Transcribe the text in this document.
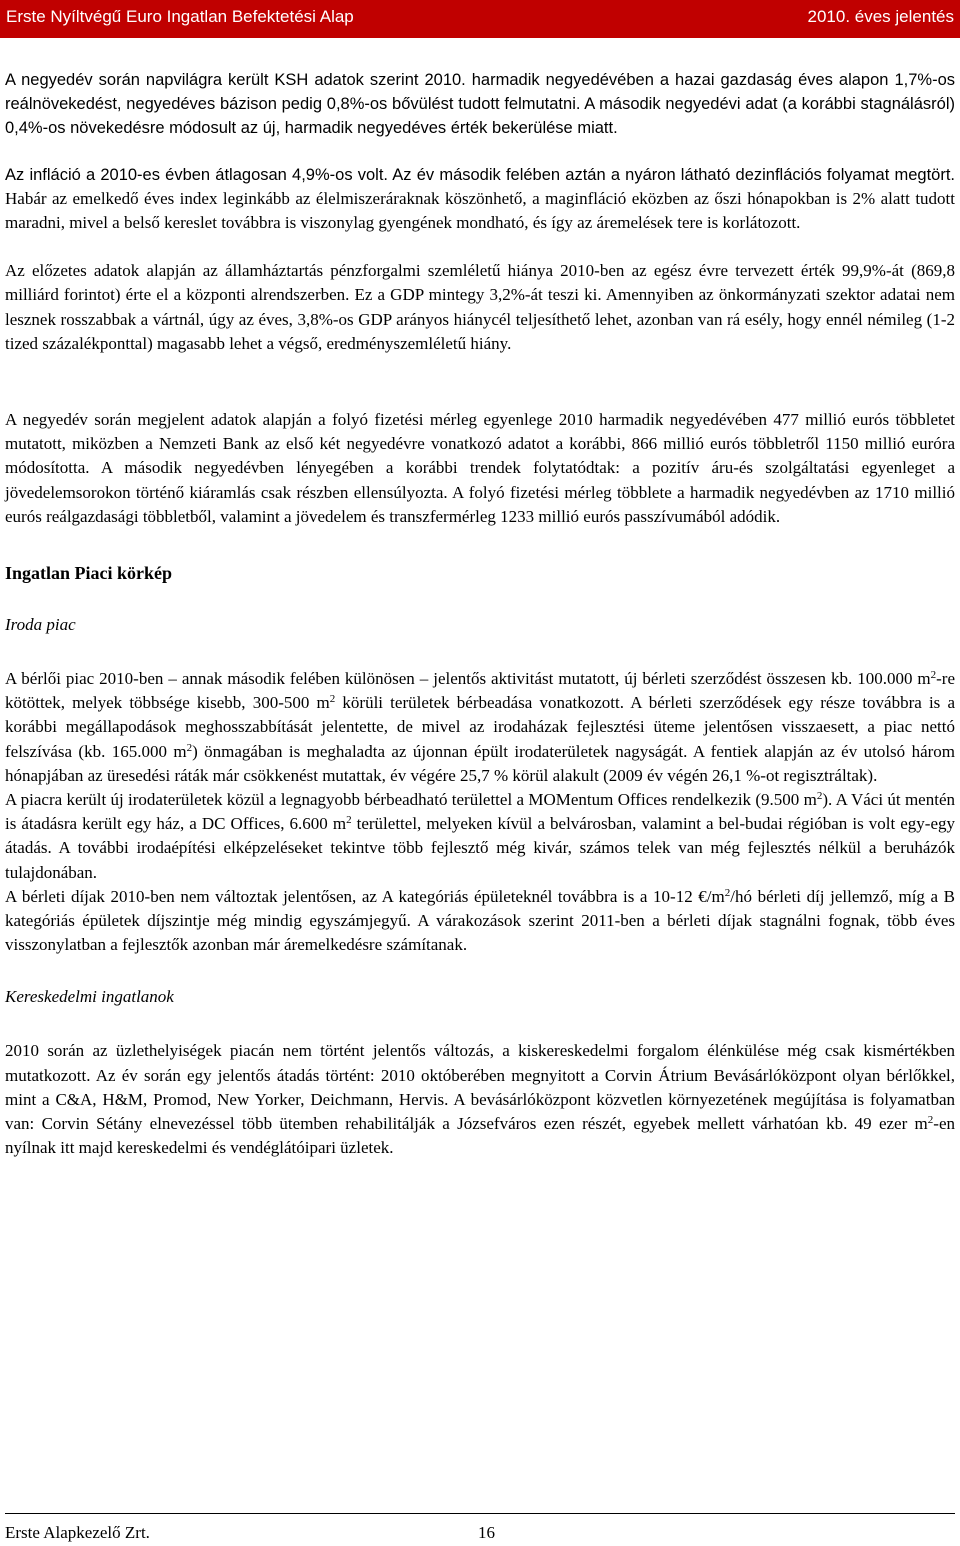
Erste Nyíltvégű Euro Ingatlan Befektetési Alap	2010. éves jelentés

A negyedév során napvilágra került KSH adatok szerint 2010. harmadik negyedévében a hazai gazdaság éves alapon 1,7%-os reálnövekedést, negyedéves bázison pedig 0,8%-os bővülést tudott felmutatni. A második negyedévi adat (a korábbi stagnálásról) 0,4%-os növekedésre módosult az új, harmadik negyedéves érték bekerülése miatt.

Az infláció a 2010-es évben átlagosan 4,9%-os volt. Az év második felében aztán a nyáron látható dezinflációs folyamat megtört. Habár az emelkedő éves index leginkább az élelmiszeráraknak köszönhető, a maginfláció eközben az őszi hónapokban is 2% alatt tudott maradni, mivel a belső kereslet továbbra is viszonylag gyengének mondható, és így az áremelések tere is korlátozott.

Az előzetes adatok alapján az államháztartás pénzforgalmi szemléletű hiánya 2010-ben az egész évre tervezett érték 99,9%-át (869,8 milliárd forintot) érte el a központi alrendszerben. Ez a GDP mintegy 3,2%-át teszi ki. Amennyiben az önkormányzati szektor adatai nem lesznek rosszabbak a vártnál, úgy az éves, 3,8%-os GDP arányos hiánycél teljesíthető lehet, azonban van rá esély, hogy ennél némileg (1-2 tized százalékponttal) magasabb lehet a végső, eredményszemléletű hiány.

A negyedév során megjelent adatok alapján a folyó fizetési mérleg egyenlege 2010 harmadik negyedévében 477 millió eurós többletet mutatott, miközben a Nemzeti Bank az első két negyedévre vonatkozó adatot a korábbi, 866 millió eurós többletről 1150 millió euróra módosította. A második negyedévben lényegében a korábbi trendek folytatódtak: a pozitív áru-és szolgáltatási egyenleget a jövedelemsorokon történő kiáramlás csak részben ellensúlyozta. A folyó fizetési mérleg többlete a harmadik negyedévben az 1710 millió eurós reálgazdasági többletből, valamint a jövedelem és transzfermérleg 1233 millió eurós passzívumából adódik.

Ingatlan Piaci körkép
Iroda piac

A bérlői piac 2010-ben – annak második felében különösen – jelentős aktivitást mutatott, új bérleti szerződést összesen kb. 100.000 $m^2-re$ kötöttek, melyek többsége kisebb, 300-500 $m^2$ körüli területek bérbeadása vonatkozott. A bérleti szerződések egy része továbbra is a korábbi megállapodások meghosszabbítását jelentette, de mivel az irodaházak fejlesztési üteme jelentősen visszaesett, a piac nettó felszívása (kb. 165.000 $m^2$) önmagában is meghaladta az újonnan épült irodaterületek nagyságát. A fentiek alapján az év utolsó három hónapjában az üresedési ráták már csökkenést mutattak, év végére 25,7 % körül alakult (2009 év végén 26,1 %-ot regisztráltak).

A piacra került új irodaterületek közül a legnagyobb bérbeadható területtel a MOMentum Offices rendelkezik (9.500 $m^2$). A Váci út mentén is átadásra került egy ház, a DC Offices, 6.600 $m^2$ területtel, melyeken kívül a belvárosban, valamint a bel-budai régióban is volt egy-egy átadás. A további irodaépítési elképzeléseket tekintve több fejlesztő még kivár, számos telek van még fejlesztés nélkül a beruházók tulajdonában.

A bérleti díjak 2010-ben nem változtak jelentősen, az A kategóriás épületeknél továbbra is a 10-12 $€/m^2/hó$ bérleti díj jellemző, míg a B kategóriás épületek díjszintje még mindig egyszámjegyű. A várakozások szerint 2011-ben a bérleti díjak stagnálni fognak, több éves visszonylatban a fejlesztők azonban már áremelkedésre számítanak.

Kereskedelmi ingatlanok

2010 során az üzlethelyiségek piacán nem történt jelentős változás, a kiskereskedelmi forgalom élénkülése még csak kismértékben mutatkozott. Az év során egy jelentős átadás történt: 2010 októberében megnyitott a Corvin Átrium Bevásárlóközpont olyan bérlőkkel, mint a C&A, H&M, Promod, New Yorker, Deichmann, Hervis. A bevásárlóközpont közvetlen környezetének megújítása is folyamatban van: Corvin Sétány elnevezéssel több ütemben rehabilitálják a Józsefváros ezen részét, egyebek mellett várhatóan kb. 49 ezer $m^2-en$ nyílnak itt majd kereskedelmi és vendéglátóipari üzletek.

Erste Alapkezelő Zrt.	16
